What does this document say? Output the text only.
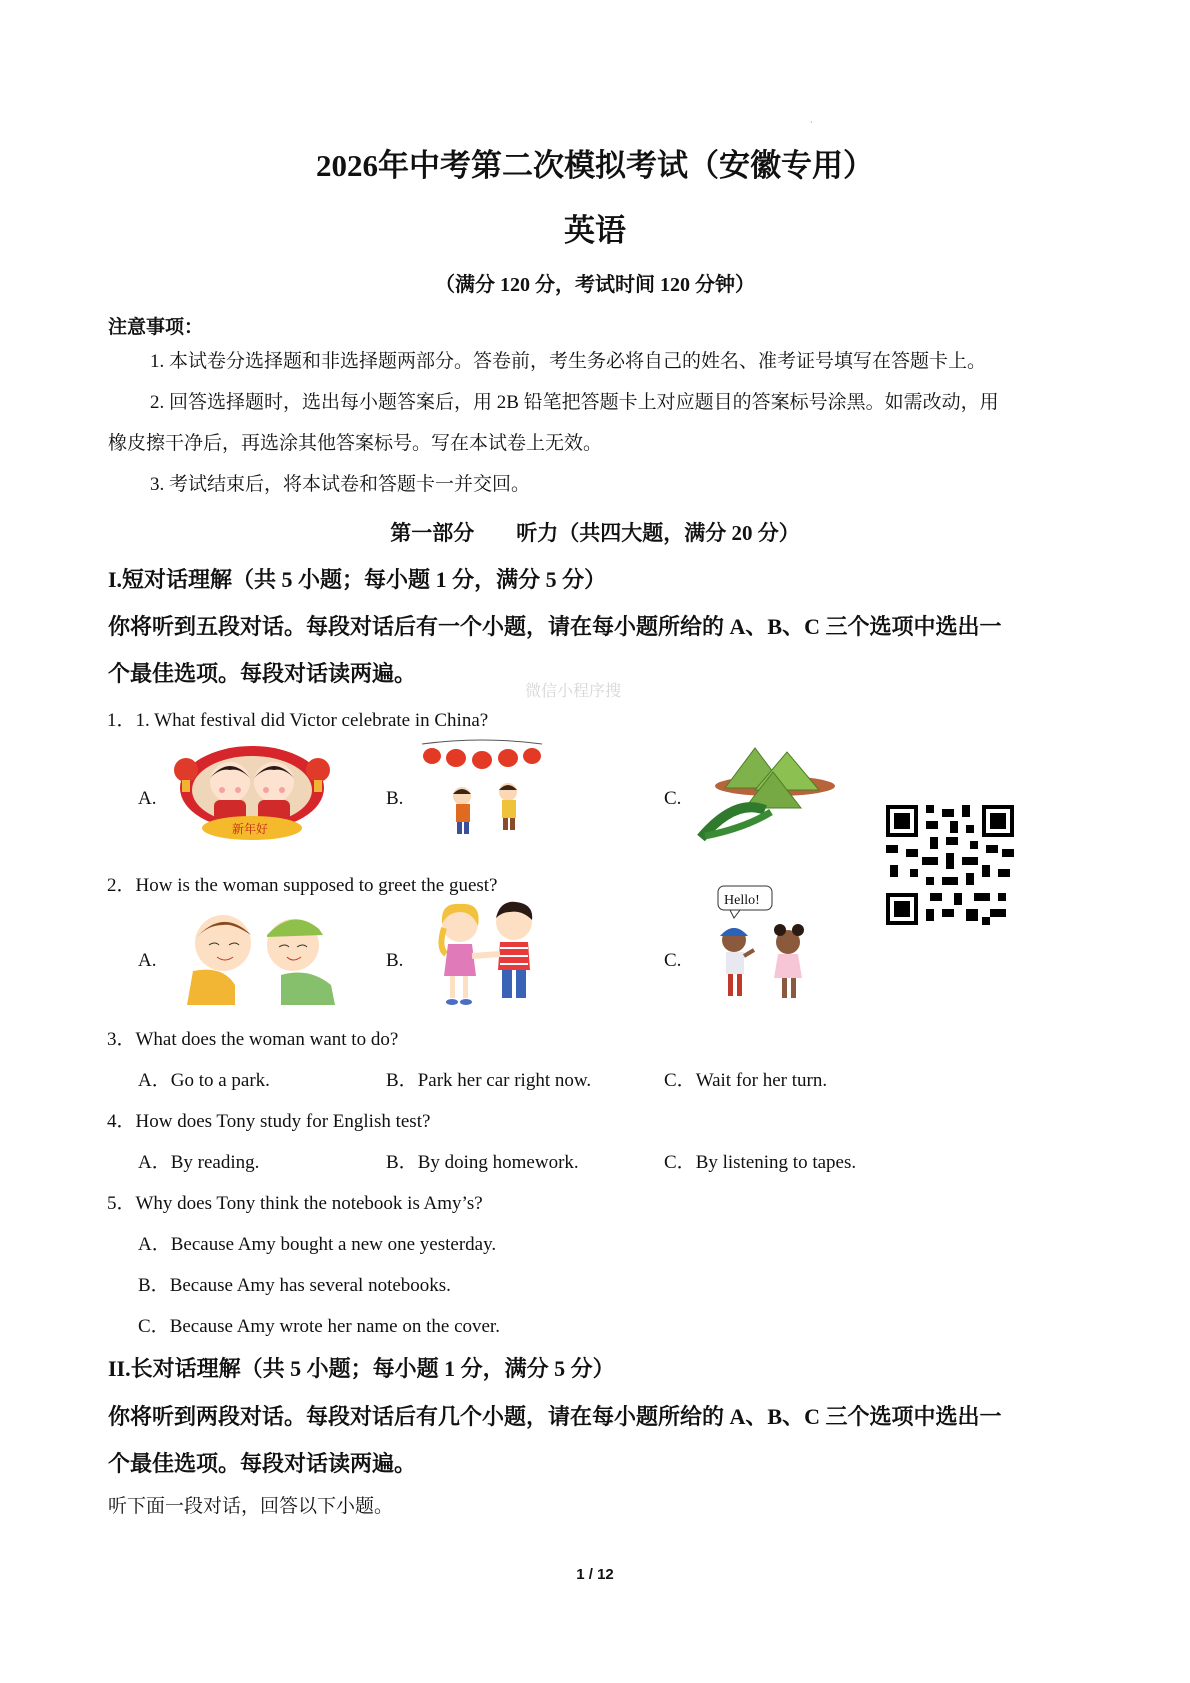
·
2026年中考第二次模拟考试（安徽专用）
英语
（满分 120 分，考试时间 120 分钟）
注意事项：
1. 本试卷分选择题和非选择题两部分。答卷前，考生务必将自己的姓名、准考证号填写在答题卡上。
2. 回答选择题时，选出每小题答案后，用 2B 铅笔把答题卡上对应题目的答案标号涂黑。如需改动，用
橡皮擦干净后，再选涂其他答案标号。写在本试卷上无效。
3. 考试结束后，将本试卷和答题卡一并交回。
第一部分　　听力（共四大题，满分 20 分）
I.短对话理解（共 5 小题；每小题 1 分，满分 5 分）
你将听到五段对话。每段对话后有一个小题，请在每小题所给的 A、B、C 三个选项中选出一
个最佳选项。每段对话读两遍。
微信小程序搜
1．1. What festival did Victor celebrate in China?
A.	B.	C.
新年好
2．How is the woman supposed to greet the guest?
A.	B.	C.
Hello!
3．What does the woman want to do?
A．Go to a park.	B．Park her car right now.	C．Wait for her turn.
4．How does Tony study for English test?
A．By reading.	B．By doing homework.	C．By listening to tapes.
5．Why does Tony think the notebook is Amy’s?
A．Because Amy bought a new one yesterday.
B．Because Amy has several notebooks.
C．Because Amy wrote her name on the cover.
II.长对话理解（共 5 小题；每小题 1 分，满分 5 分）
你将听到两段对话。每段对话后有几个小题，请在每小题所给的 A、B、C 三个选项中选出一
个最佳选项。每段对话读两遍。
听下面一段对话，回答以下小题。
1 / 12
